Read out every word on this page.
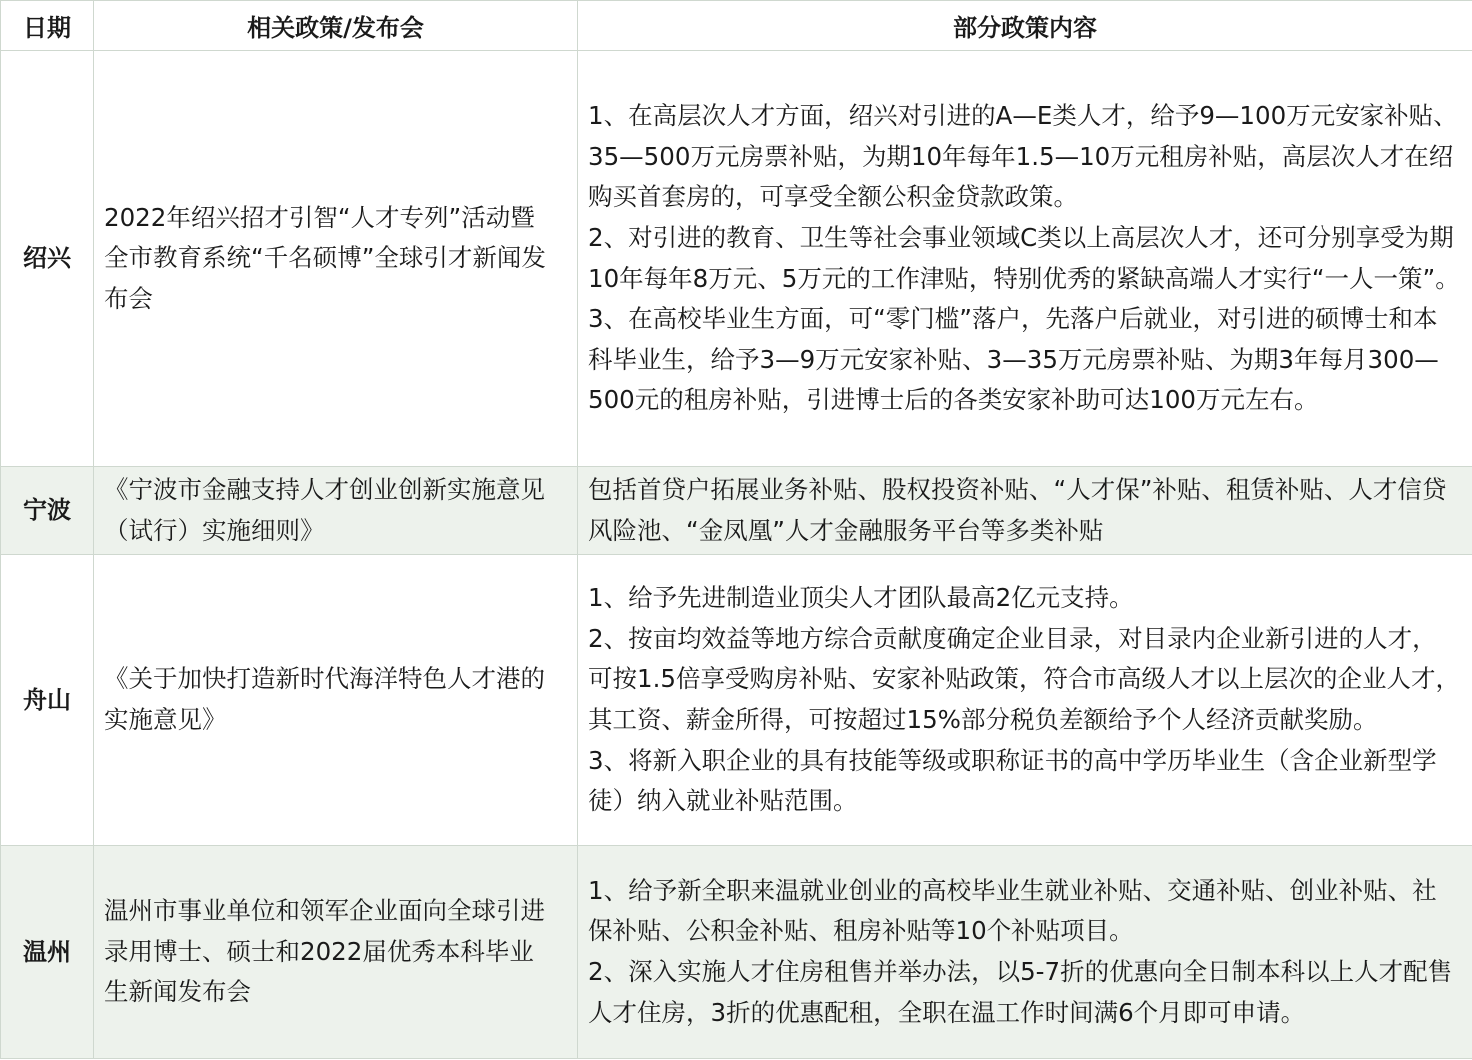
日期	相关政策/发布会	部分政策内容
绍兴	2022年绍兴招才引智“人才专列”活动暨全市教育系统“千名硕博”全球引才新闻发布会	1、在高层次人才方面，绍兴对引进的A—E类人才，给予9—100万元安家补贴、35—500万元房票补贴，为期10年每年1.5—10万元租房补贴，高层次人才在绍购买首套房的，可享受全额公积金贷款政策。
2、对引进的教育、卫生等社会事业领域C类以上高层次人才，还可分别享受为期10年每年8万元、5万元的工作津贴，特别优秀的紧缺高端人才实行“一人一策”。
3、在高校毕业生方面，可“零门槛”落户，先落户后就业，对引进的硕博士和本科毕业生，给予3—9万元安家补贴、3—35万元房票补贴、为期3年每月300—500元的租房补贴，引进博士后的各类安家补助可达100万元左右。

宁波	《宁波市金融支持人才创业创新实施意见（试行）实施细则》	包括首贷户拓展业务补贴、股权投资补贴、“人才保”补贴、租赁补贴、人才信贷风险池、“金凤凰”人才金融服务平台等多类补贴

舟山	《关于加快打造新时代海洋特色人才港的实施意见》	1、给予先进制造业顶尖人才团队最高2亿元支持。
2、按亩均效益等地方综合贡献度确定企业目录，对目录内企业新引进的人才，可按1.5倍享受购房补贴、安家补贴政策，符合市高级人才以上层次的企业人才，其工资、薪金所得，可按超过15%部分税负差额给予个人经济贡献奖励。
3、将新入职企业的具有技能等级或职称证书的高中学历毕业生（含企业新型学徒）纳入就业补贴范围。

温州	温州市事业单位和领军企业面向全球引进录用博士、硕士和2022届优秀本科毕业生新闻发布会	1、给予新全职来温就业创业的高校毕业生就业补贴、交通补贴、创业补贴、社保补贴、公积金补贴、租房补贴等10个补贴项目。
2、深入实施人才住房租售并举办法，以5-7折的优惠向全日制本科以上人才配售人才住房，3折的优惠配租，全职在温工作时间满6个月即可申请。
